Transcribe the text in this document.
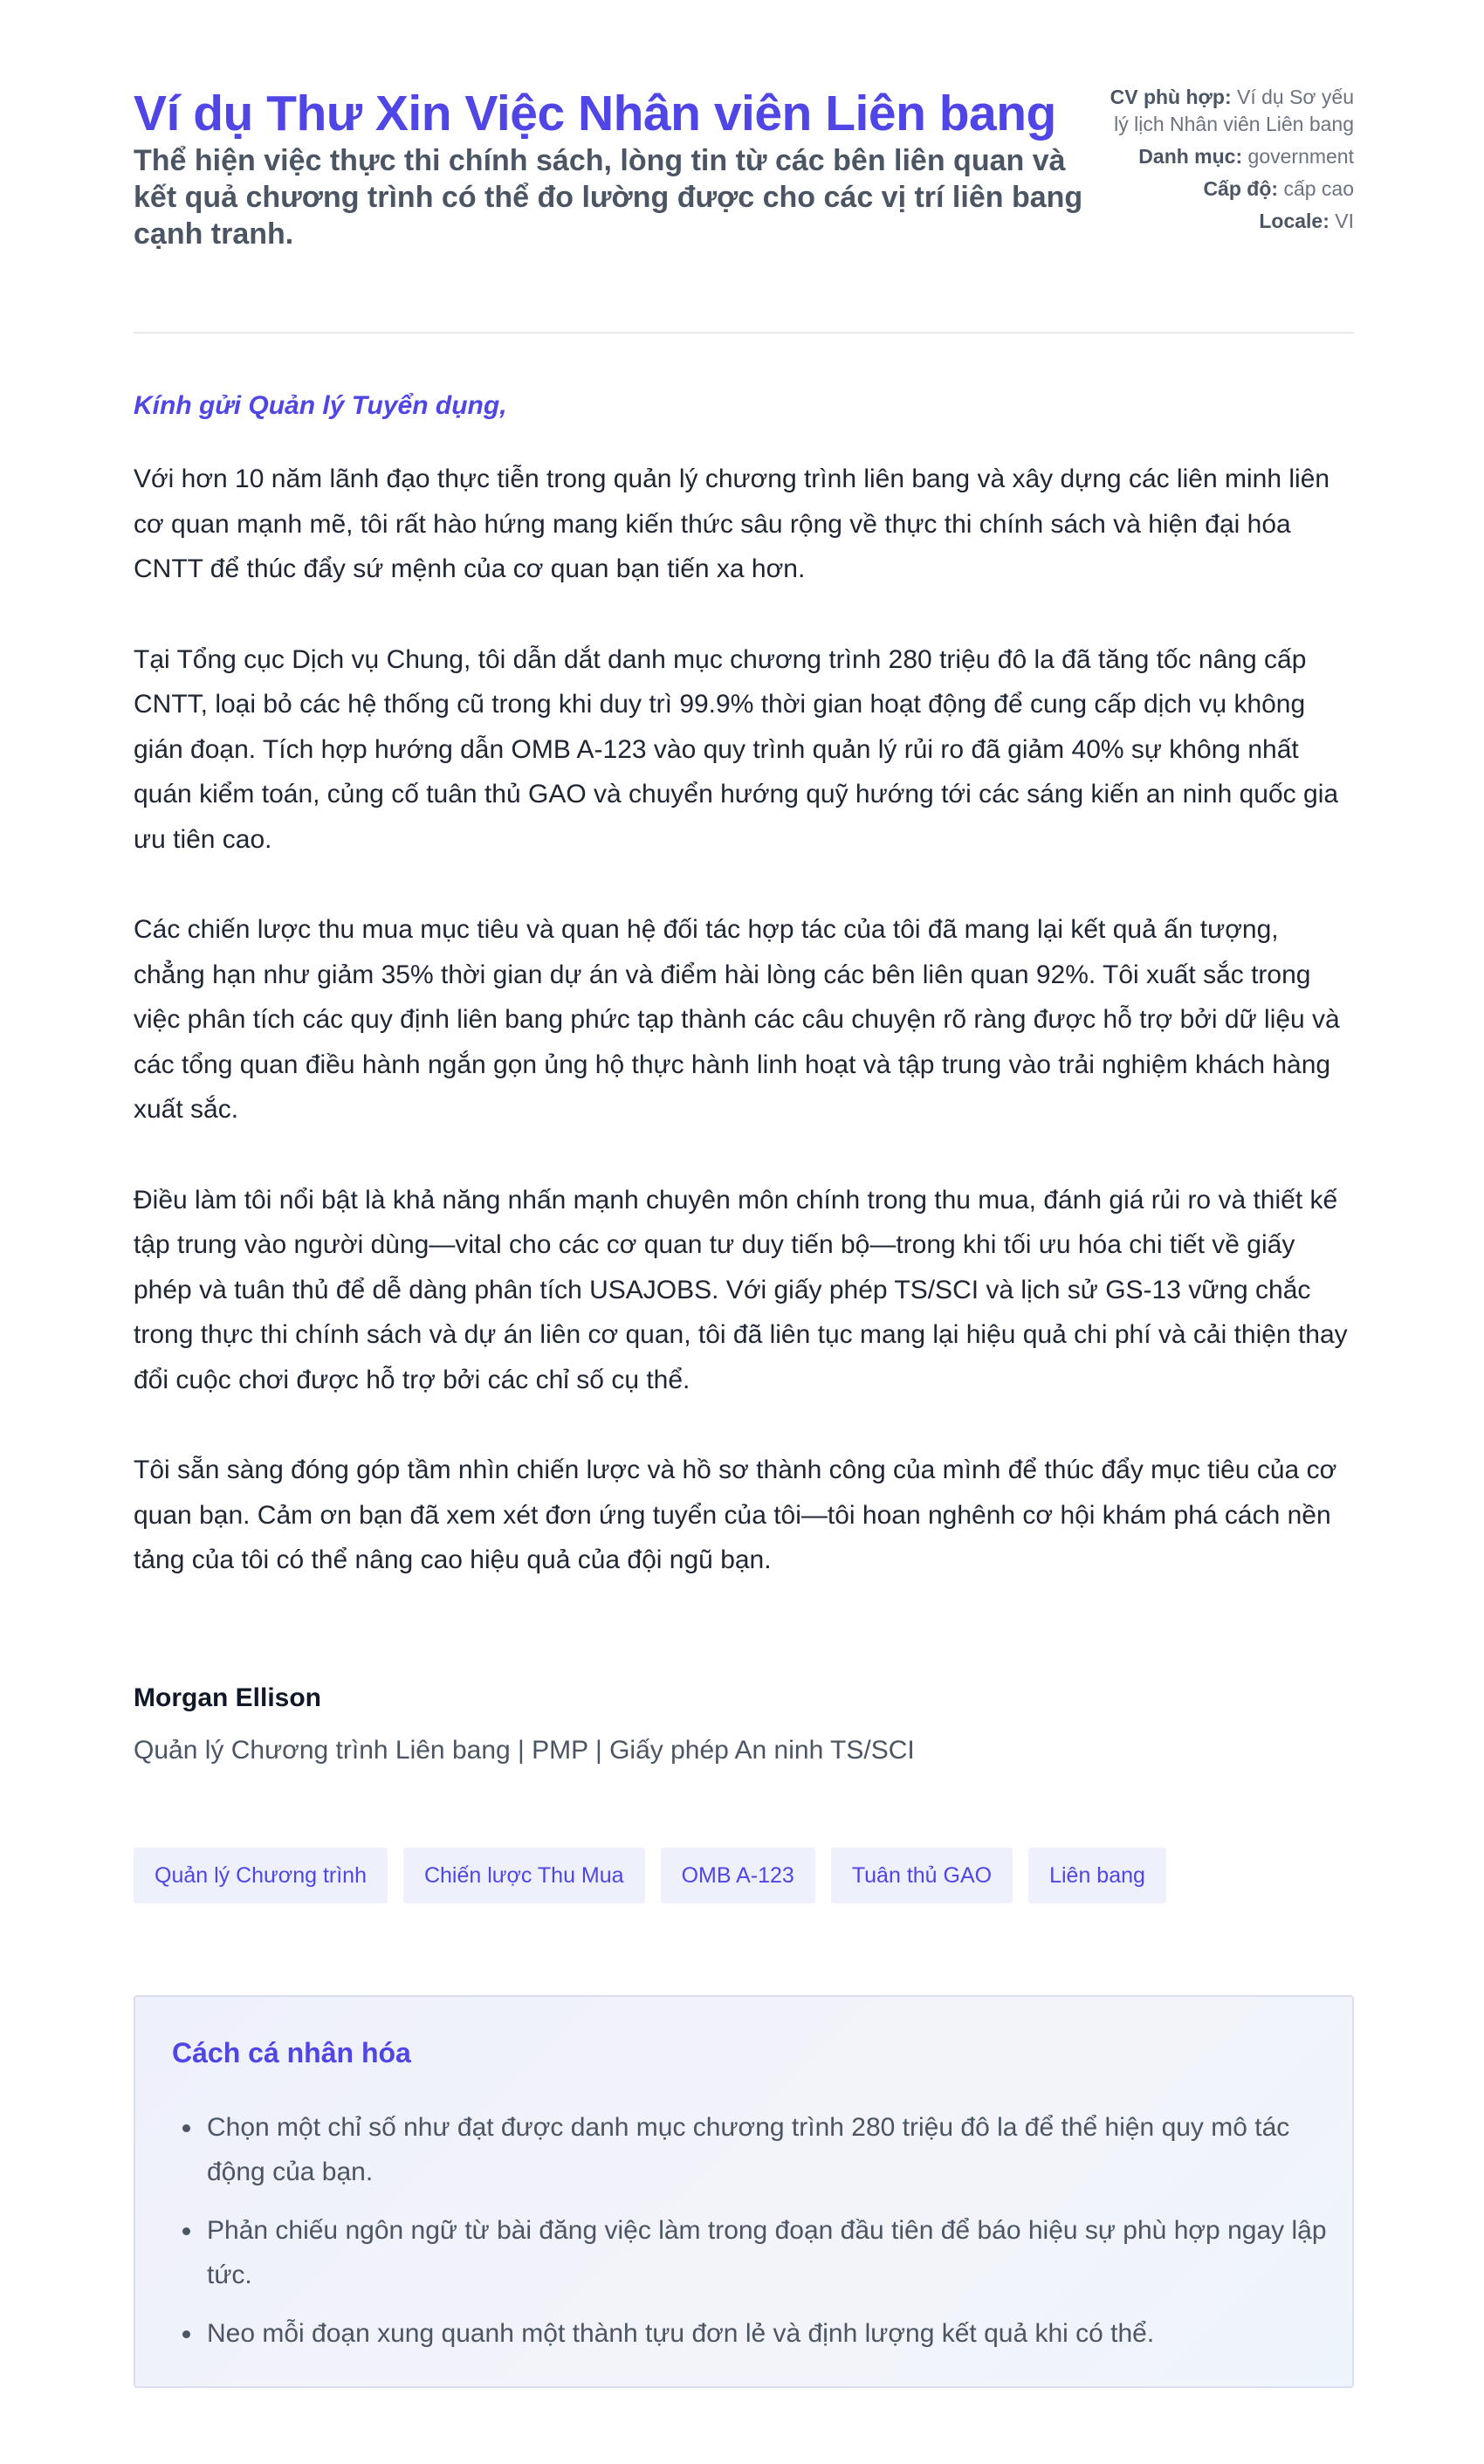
Ví dụ Thư Xin Việc Nhân viên Liên bang
Thể hiện việc thực thi chính sách, lòng tin từ các bên liên quan và kết quả chương trình có thể đo lường được cho các vị trí liên bang cạnh tranh.
CV phù hợp: Ví dụ Sơ yếu lý lịch Nhân viên Liên bang
Danh mục: government
Cấp độ: cấp cao
Locale: VI

Kính gửi Quản lý Tuyển dụng,

Với hơn 10 năm lãnh đạo thực tiễn trong quản lý chương trình liên bang và xây dựng các liên minh liên cơ quan mạnh mẽ, tôi rất hào hứng mang kiến thức sâu rộng về thực thi chính sách và hiện đại hóa CNTT để thúc đẩy sứ mệnh của cơ quan bạn tiến xa hơn.

Tại Tổng cục Dịch vụ Chung, tôi dẫn dắt danh mục chương trình 280 triệu đô la đã tăng tốc nâng cấp CNTT, loại bỏ các hệ thống cũ trong khi duy trì 99.9% thời gian hoạt động để cung cấp dịch vụ không gián đoạn. Tích hợp hướng dẫn OMB A-123 vào quy trình quản lý rủi ro đã giảm 40% sự không nhất quán kiểm toán, củng cố tuân thủ GAO và chuyển hướng quỹ hướng tới các sáng kiến an ninh quốc gia ưu tiên cao.

Các chiến lược thu mua mục tiêu và quan hệ đối tác hợp tác của tôi đã mang lại kết quả ấn tượng, chẳng hạn như giảm 35% thời gian dự án và điểm hài lòng các bên liên quan 92%. Tôi xuất sắc trong việc phân tích các quy định liên bang phức tạp thành các câu chuyện rõ ràng được hỗ trợ bởi dữ liệu và các tổng quan điều hành ngắn gọn ủng hộ thực hành linh hoạt và tập trung vào trải nghiệm khách hàng xuất sắc.

Điều làm tôi nổi bật là khả năng nhấn mạnh chuyên môn chính trong thu mua, đánh giá rủi ro và thiết kế tập trung vào người dùng—vital cho các cơ quan tư duy tiến bộ—trong khi tối ưu hóa chi tiết về giấy phép và tuân thủ để dễ dàng phân tích USAJOBS. Với giấy phép TS/SCI và lịch sử GS-13 vững chắc trong thực thi chính sách và dự án liên cơ quan, tôi đã liên tục mang lại hiệu quả chi phí và cải thiện thay đổi cuộc chơi được hỗ trợ bởi các chỉ số cụ thể.

Tôi sẵn sàng đóng góp tầm nhìn chiến lược và hồ sơ thành công của mình để thúc đẩy mục tiêu của cơ quan bạn. Cảm ơn bạn đã xem xét đơn ứng tuyển của tôi—tôi hoan nghênh cơ hội khám phá cách nền tảng của tôi có thể nâng cao hiệu quả của đội ngũ bạn.

Morgan Ellison

Quản lý Chương trình Liên bang | PMP | Giấy phép An ninh TS/SCI

Quản lý Chương trình	Chiến lược Thu Mua	OMB A-123	Tuân thủ GAO	Liên bang
Cách cá nhân hóa
• Chọn một chỉ số như đạt được danh mục chương trình 280 triệu đô la để thể hiện quy mô tác động của bạn.
• Phản chiếu ngôn ngữ từ bài đăng việc làm trong đoạn đầu tiên để báo hiệu sự phù hợp ngay lập tức.
• Neo mỗi đoạn xung quanh một thành tựu đơn lẻ và định lượng kết quả khi có thể.
